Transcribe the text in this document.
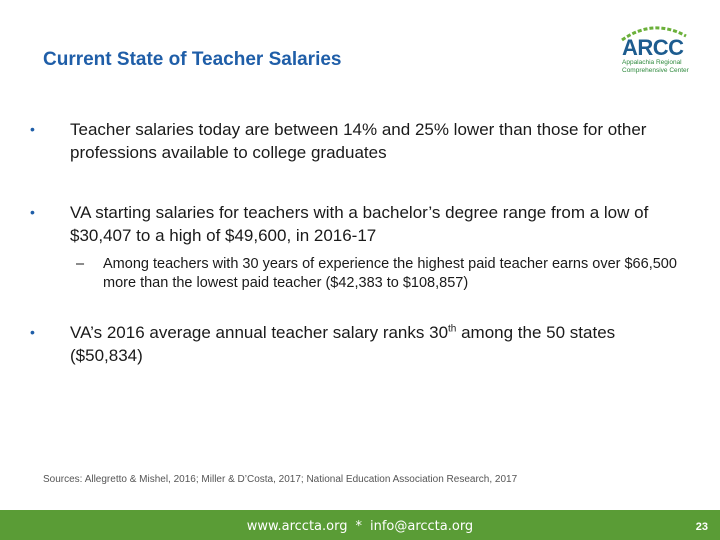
Current State of Teacher Salaries	ARCC
Appalachia Regional
Comprehensive Center
•	Teacher salaries today are between 14% and 25% lower than those for other professions available to college graduates
•	VA starting salaries for teachers with a bachelor’s degree range from a low of $30,407 to a high of $49,600, in 2016-17
– Among teachers with 30 years of experience the highest paid teacher earns over $66,500 more than the lowest paid teacher ($42,383 to $108,857)
•	VA’s 2016 average annual teacher salary ranks 30th among the 50 states ($50,834)
Sources: Allegretto & Mishel, 2016; Miller & D’Costa, 2017; National Education Association Research, 2017
www.arccta.org * info@arccta.org	23
